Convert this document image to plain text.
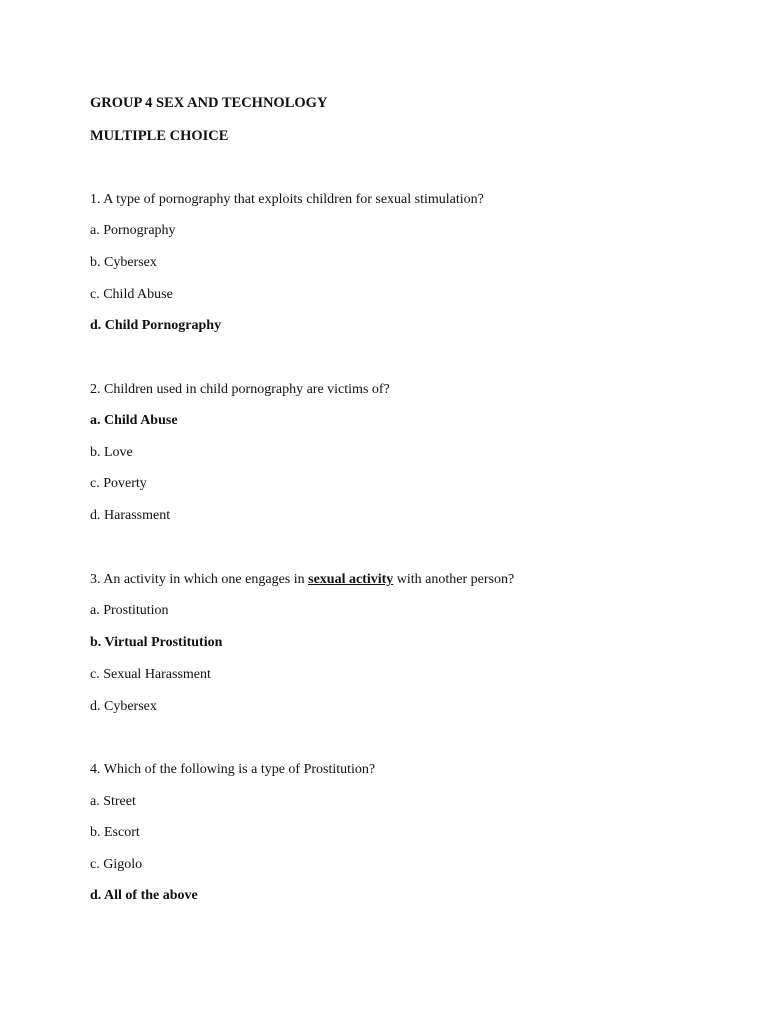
GROUP 4 SEX AND TECHNOLOGY
MULTIPLE CHOICE
1. A type of pornography that exploits children for sexual stimulation?
a. Pornography
b. Cybersex
c. Child Abuse
d. Child Pornography
2. Children used in child pornography are victims of?
a. Child Abuse
b. Love
c. Poverty
d. Harassment
3. An activity in which one engages in sexual activity with another person?
a. Prostitution
b. Virtual Prostitution
c. Sexual Harassment
d. Cybersex
4. Which of the following is a type of Prostitution?
a. Street
b. Escort
c. Gigolo
d. All of the above
